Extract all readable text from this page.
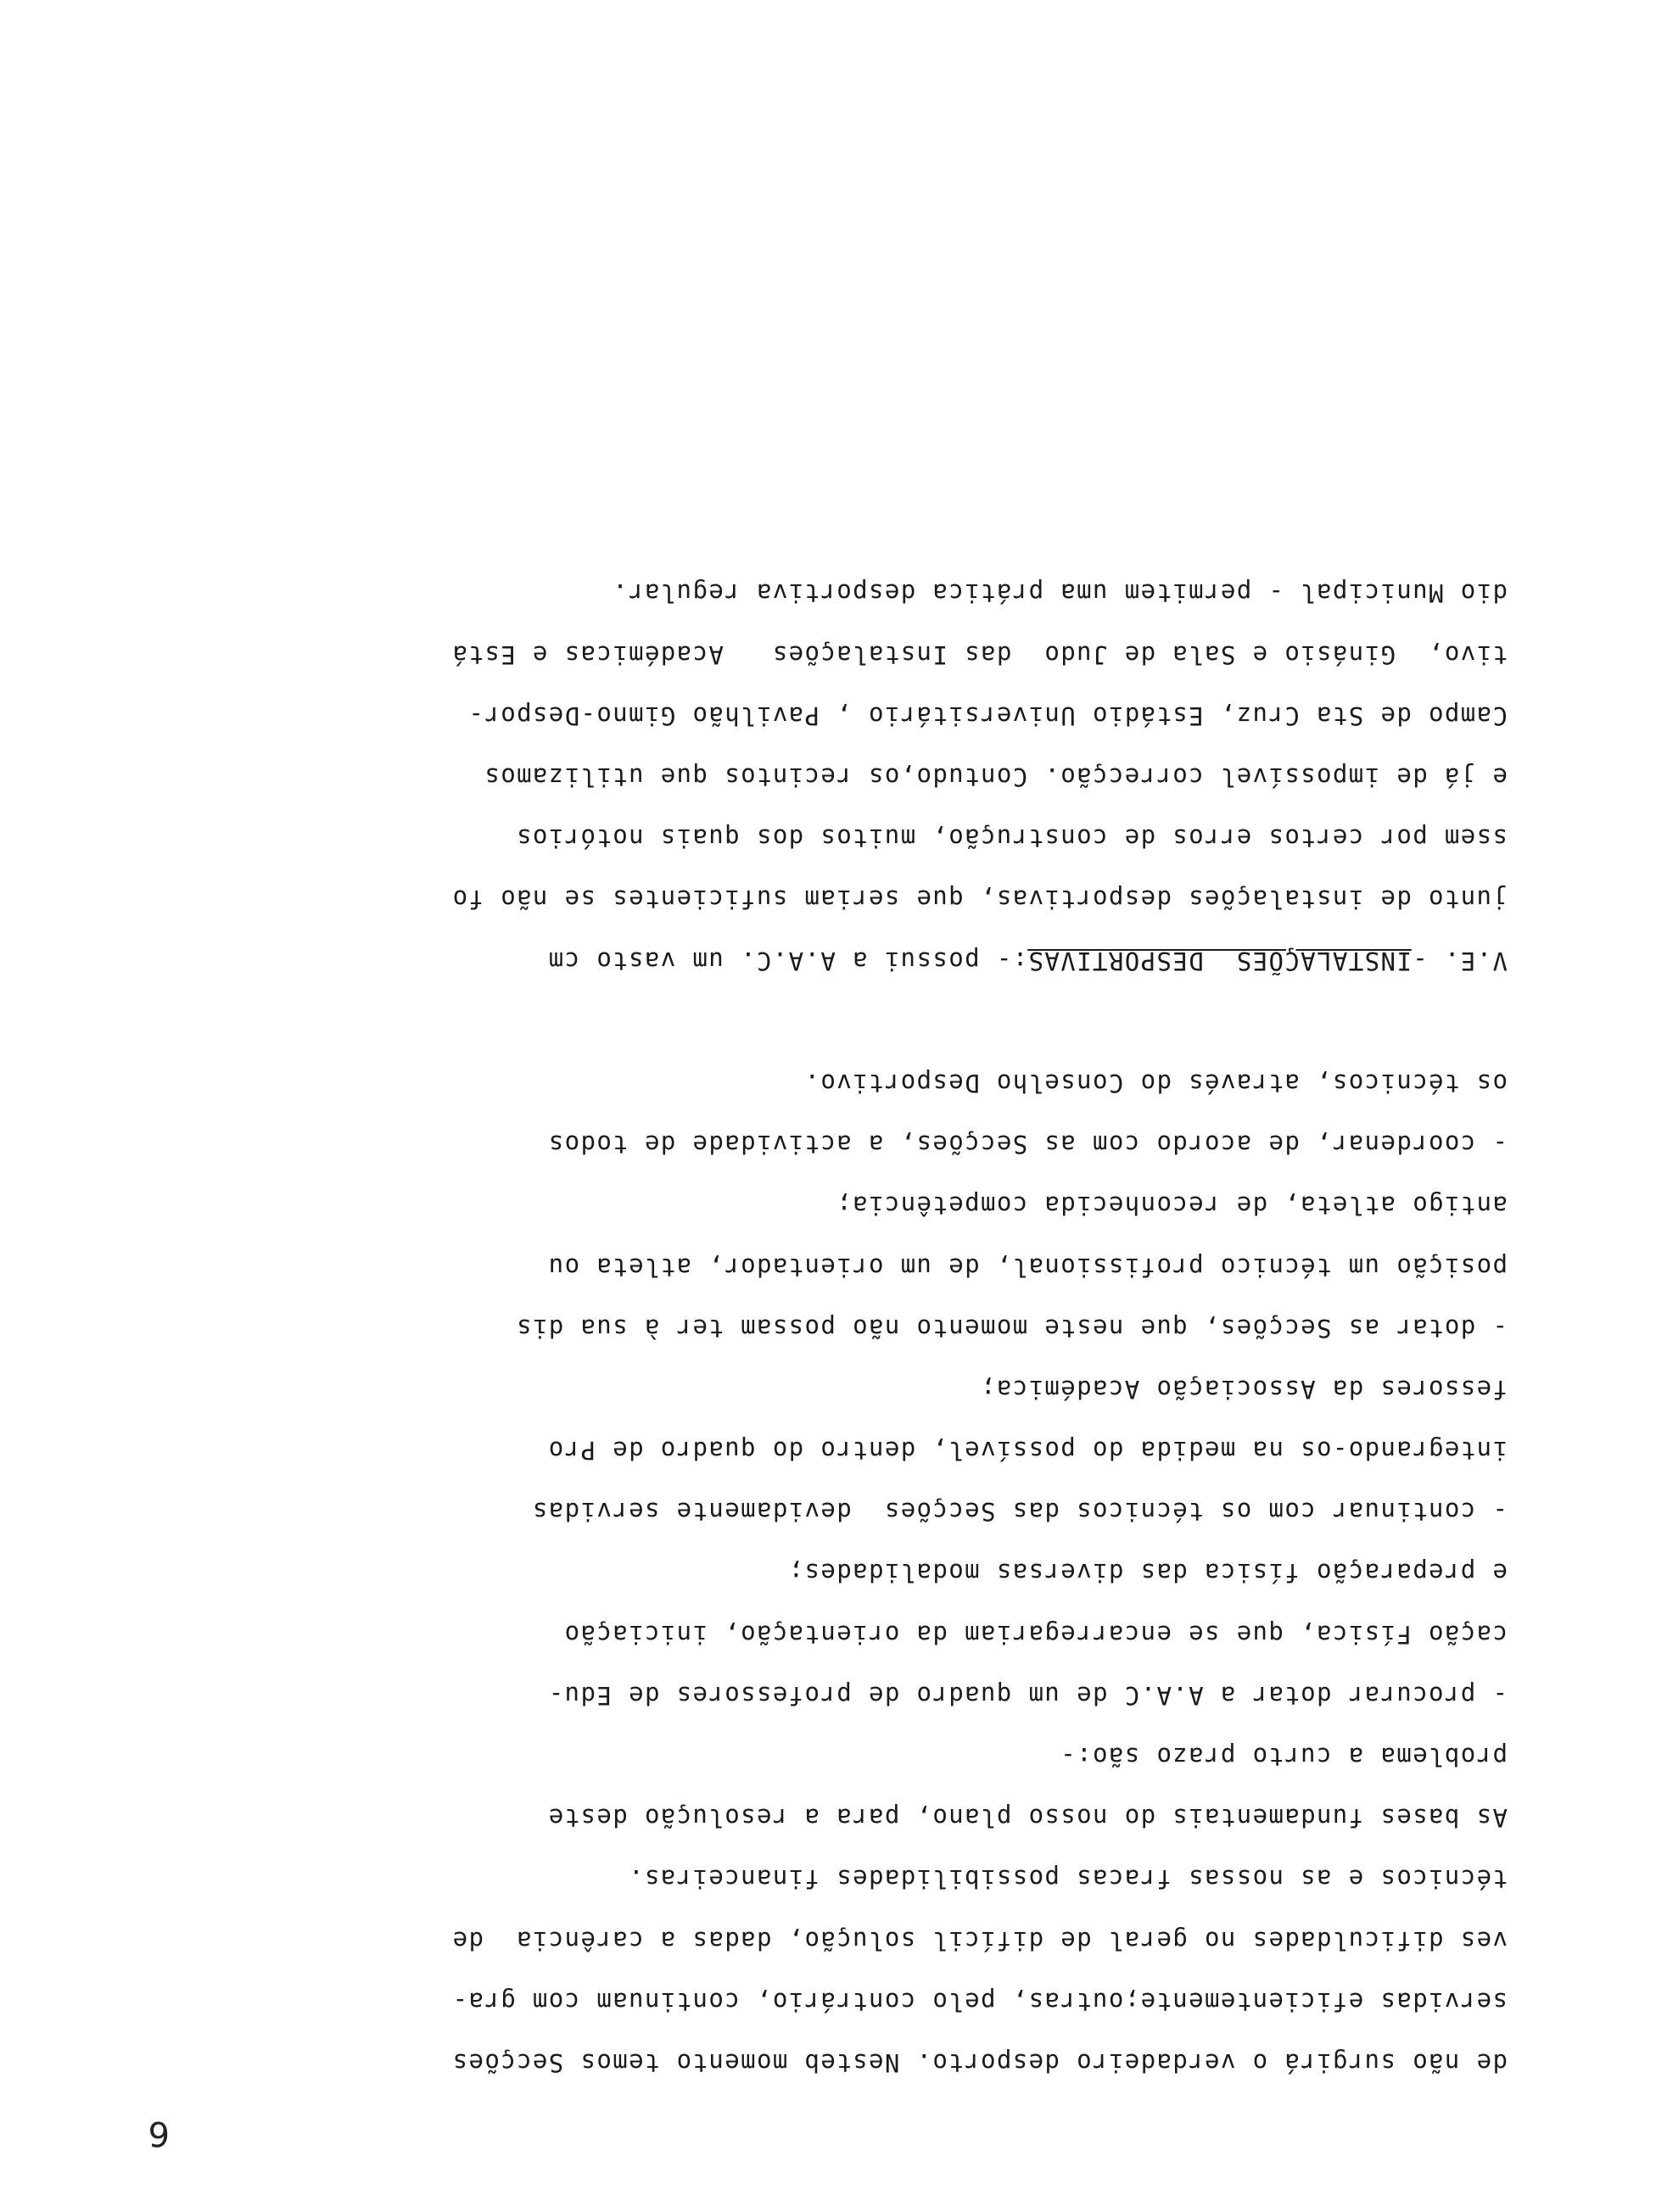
6
de não surgirá o verdadeiro desporto. Nesteb momento temos Secções
servidas eficientemente;outras, pelo contrário, continuam com gra-
ves dificuldades no geral de difícil solução, dadas a carência  de
técnicos e as nossas fracas possibilidades financeiras.
As bases fundamentais do nosso plano, para a resolução deste
problema a curto prazo são:-
- procurar dotar a A.A.C de um quadro de professores de Edu-
cação Física, que se encarregariam da orientação, iniciação
e preparação física das diversas modalidades;
- continuar com os técnicos das Secções  devidamente servidas
integrando-os na medida do possível, dentro do quadro de Pro
fessores da Associação Académica;
- dotar as Secções, que neste momento não possam ter à sua dis
posição um técnico profissional, de um orientador, atleta ou
antigo atleta, de reconhecida competência;
- coordenar, de acordo com as Secções, a actividade de todos
os técnicos, através do Conselho Desportivo.
V.E. -INSTALAÇÕES  DESPORTIVAS:- possui a A.A.C. um vasto cm
junto de instalações desportivas, que seriam suficientes se não fo
ssem por certos erros de construção, muitos dos quais notórios
e já de impossível correcção. Contudo,os recintos que utilizamos
Campo de Sta Cruz, Estádio Universitário , Pavilhão Gimno-Despor-
tivo,  Ginásio e Sala de Judo  das Instalações   Académicas e Está
dio Municipal - permitem uma prática desportiva regular.
